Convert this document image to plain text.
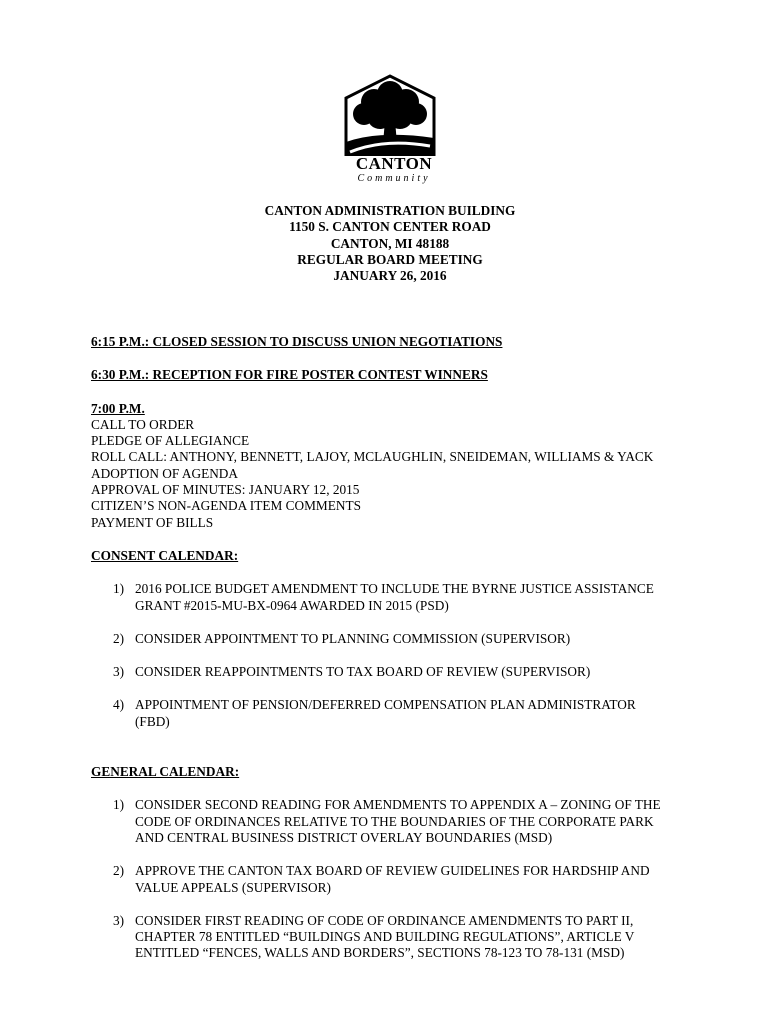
CANTON
Community
CANTON ADMINISTRATION BUILDING
1150 S. CANTON CENTER ROAD
CANTON, MI 48188
REGULAR BOARD MEETING
JANUARY 26, 2016
6:15 P.M.: CLOSED SESSION TO DISCUSS UNION NEGOTIATIONS
6:30 P.M.: RECEPTION FOR FIRE POSTER CONTEST WINNERS
7:00 P.M.
CALL TO ORDER
PLEDGE OF ALLEGIANCE
ROLL CALL: ANTHONY, BENNETT, LAJOY, MCLAUGHLIN, SNEIDEMAN, WILLIAMS & YACK
ADOPTION OF AGENDA
APPROVAL OF MINUTES: JANUARY 12, 2015
CITIZEN’S NON-AGENDA ITEM COMMENTS
PAYMENT OF BILLS
CONSENT CALENDAR:
1) 2016 POLICE BUDGET AMENDMENT TO INCLUDE THE BYRNE JUSTICE ASSISTANCE
GRANT #2015-MU-BX-0964 AWARDED IN 2015 (PSD)
2) CONSIDER APPOINTMENT TO PLANNING COMMISSION (SUPERVISOR)
3) CONSIDER REAPPOINTMENTS TO TAX BOARD OF REVIEW (SUPERVISOR)
4) APPOINTMENT OF PENSION/DEFERRED COMPENSATION PLAN ADMINISTRATOR
(FBD)
GENERAL CALENDAR:
1) CONSIDER SECOND READING FOR AMENDMENTS TO APPENDIX A – ZONING OF THE
CODE OF ORDINANCES RELATIVE TO THE BOUNDARIES OF THE CORPORATE PARK
AND CENTRAL BUSINESS DISTRICT OVERLAY BOUNDARIES (MSD)
2) APPROVE THE CANTON TAX BOARD OF REVIEW GUIDELINES FOR HARDSHIP AND
VALUE APPEALS (SUPERVISOR)
3) CONSIDER FIRST READING OF CODE OF ORDINANCE AMENDMENTS TO PART II,
CHAPTER 78 ENTITLED “BUILDINGS AND BUILDING REGULATIONS”, ARTICLE V
ENTITLED “FENCES, WALLS AND BORDERS”, SECTIONS 78-123 TO 78-131 (MSD)
